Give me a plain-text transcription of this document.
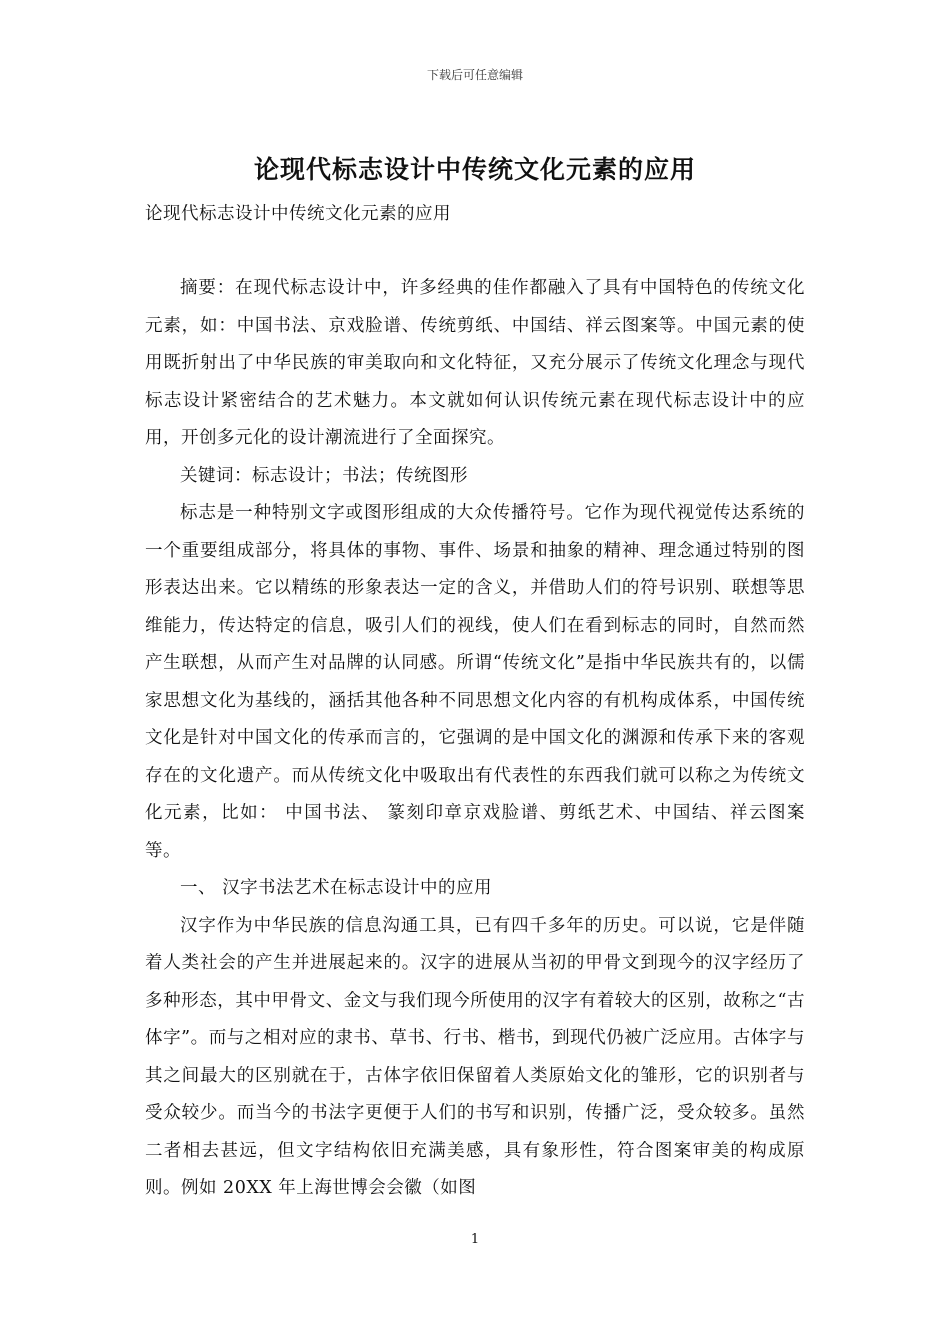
下载后可任意编辑
论现代标志设计中传统文化元素的应用
论现代标志设计中传统文化元素的应用

摘要：在现代标志设计中，许多经典的佳作都融入了具有中国特色的传统文化元素，如：中国书法、京戏脸谱、传统剪纸、中国结、祥云图案等。中国元素的使用既折射出了中华民族的审美取向和文化特征，又充分展示了传统文化理念与现代标志设计紧密结合的艺术魅力。本文就如何认识传统元素在现代标志设计中的应用，开创多元化的设计潮流进行了全面探究。

关键词：标志设计；书法；传统图形

标志是一种特别文字或图形组成的大众传播符号。它作为现代视觉传达系统的一个重要组成部分，将具体的事物、事件、场景和抽象的精神、理念通过特别的图形表达出来。它以精练的形象表达一定的含义，并借助人们的符号识别、联想等思维能力，传达特定的信息，吸引人们的视线，使人们在看到标志的同时，自然而然产生联想，从而产生对品牌的认同感。所谓“传统文化”是指中华民族共有的，以儒家思想文化为基线的，涵括其他各种不同思想文化内容的有机构成体系，中国传统文化是针对中国文化的传承而言的，它强调的是中国文化的渊源和传承下来的客观存在的文化遗产。而从传统文化中吸取出有代表性的东西我们就可以称之为传统文化元素，比如： 中国书法、 篆刻印章京戏脸谱、剪纸艺术、中国结、祥云图案等。

一、 汉字书法艺术在标志设计中的应用

汉字作为中华民族的信息沟通工具，已有四千多年的历史。可以说，它是伴随着人类社会的产生并进展起来的。汉字的进展从当初的甲骨文到现今的汉字经历了多种形态，其中甲骨文、金文与我们现今所使用的汉字有着较大的区别，故称之“古体字”。而与之相对应的隶书、草书、行书、楷书，到现代仍被广泛应用。古体字与其之间最大的区别就在于，古体字依旧保留着人类原始文化的雏形，它的识别者与受众较少。而当今的书法字更便于人们的书写和识别，传播广泛，受众较多。虽然二者相去甚远，但文字结构依旧充满美感，具有象形性，符合图案审美的构成原则。例如 20XX 年上海世博会会徽（如图

1
